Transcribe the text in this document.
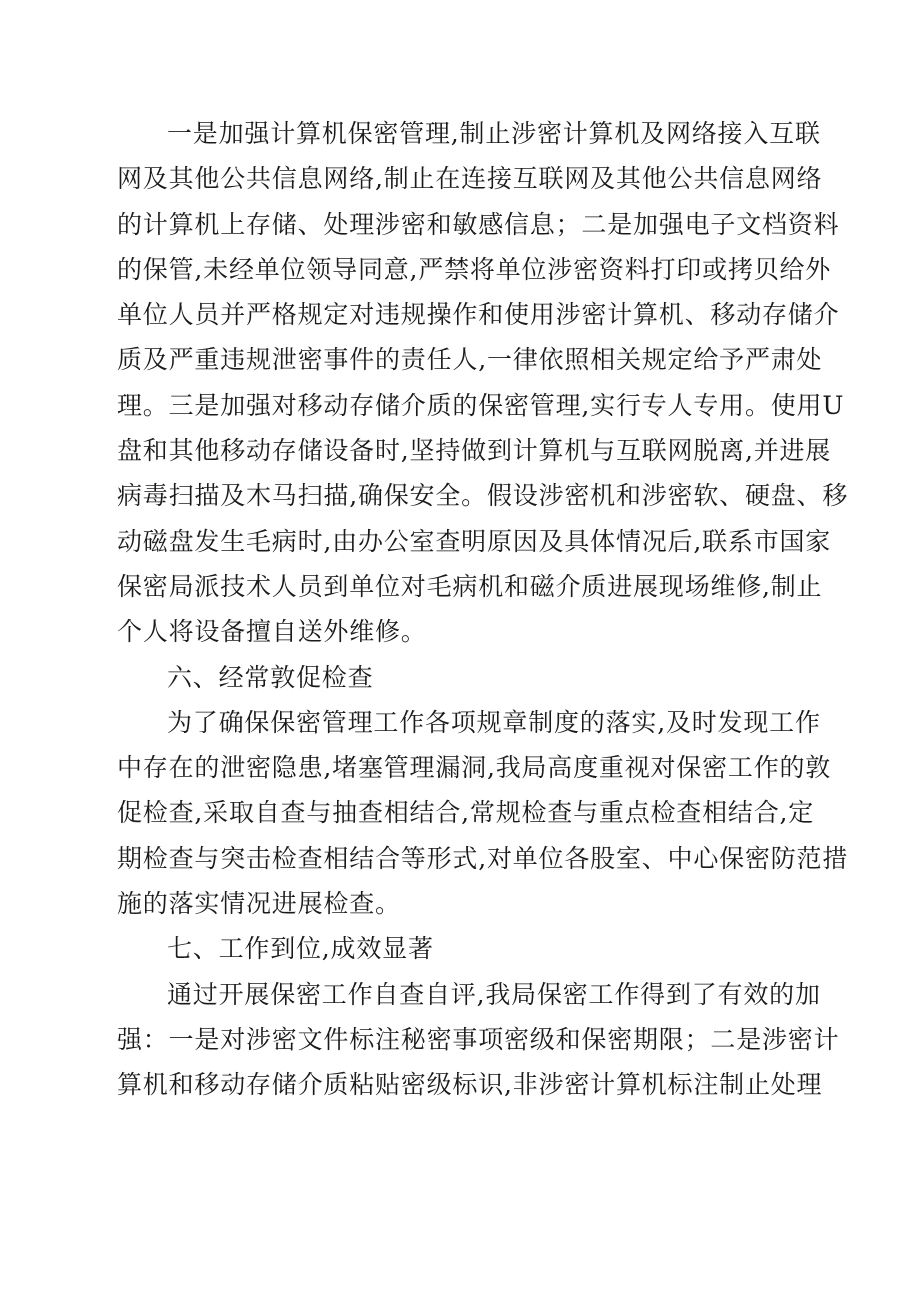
一是加强计算机保密管理,制止涉密计算机及网络接入互联
网及其他公共信息网络,制止在连接互联网及其他公共信息网络
的计算机上存储、处理涉密和敏感信息；二是加强电子文档资料
的保管,未经单位领导同意,严禁将单位涉密资料打印或拷贝给外
单位人员并严格规定对违规操作和使用涉密计算机、移动存储介
质及严重违规泄密事件的责任人,一律依照相关规定给予严肃处
理。三是加强对移动存储介质的保密管理,实行专人专用。使用U
盘和其他移动存储设备时,坚持做到计算机与互联网脱离,并进展
病毒扫描及木马扫描,确保安全。假设涉密机和涉密软、硬盘、移
动磁盘发生毛病时,由办公室查明原因及具体情况后,联系市国家
保密局派技术人员到单位对毛病机和磁介质进展现场维修,制止
个人将设备擅自送外维修。
六、经常敦促检查
为了确保保密管理工作各项规章制度的落实,及时发现工作
中存在的泄密隐患,堵塞管理漏洞,我局高度重视对保密工作的敦
促检查,采取自查与抽查相结合,常规检查与重点检查相结合,定
期检查与突击检查相结合等形式,对单位各股室、中心保密防范措
施的落实情况进展检查。
七、工作到位,成效显著
通过开展保密工作自查自评,我局保密工作得到了有效的加
强：一是对涉密文件标注秘密事项密级和保密期限；二是涉密计
算机和移动存储介质粘贴密级标识,非涉密计算机标注制止处理
